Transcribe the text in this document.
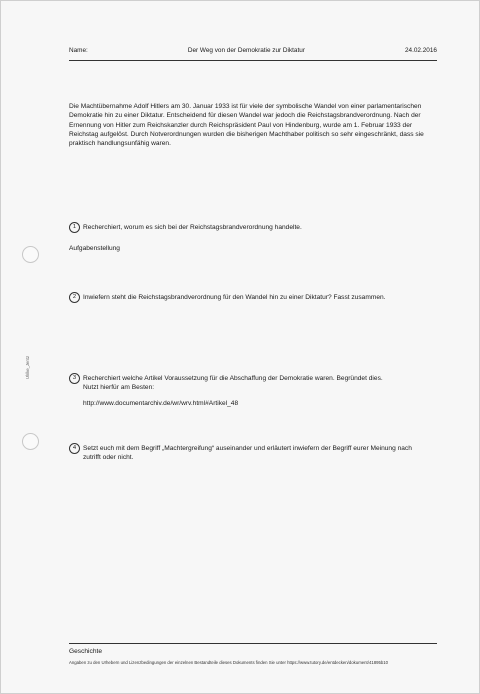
Name:	Der Weg von der Demokratie zur Diktatur	24.02.2016
Die Machtübernahme Adolf Hitlers am 30. Januar 1933 ist für viele der symbolische Wandel von einer parlamentarischen Demokratie hin zu einer Diktatur. Entscheidend für diesen Wandel war jedoch die Reichstagsbrandverordnung. Nach der Ernennung von Hitler zum Reichskanzler durch Reichspräsident Paul von Hindenburg, wurde am 1. Februar 1933 der Reichstag aufgelöst. Durch Notverordnungen wurden die bisherigen Machthaber politisch so sehr eingeschränkt, dass sie praktisch handlungsunfähig waren.
1	Recherchiert, worum es sich bei der Reichstagsbrandverordnung handelte.
Aufgabenstellung
2	Inwiefern steht die Reichstagsbrandverordnung für den Wandel hin zu einer Diktatur? Fasst zusammen.
3	Recherchiert welche Artikel Voraussetzung für die Abschaffung der Demokratie waren. Begründet dies. Nutzt hierfür am Besten:
http://www.documentarchiv.de/wr/wrv.html#Artikel_48
4	Setzt euch mit dem Begriff „Machtergreifung“ auseinander und erläutert inwiefern der Begriff eurer Meinung nach zutrifft oder nicht.
Ulrike_Jentz
Geschichte
Angaben zu den Urhebern und Lizenzbedingungen der einzelnen Bestandteile dieses Dokuments finden Sie unter https://www.tutory.de/entdecken/dokument/41895b10
